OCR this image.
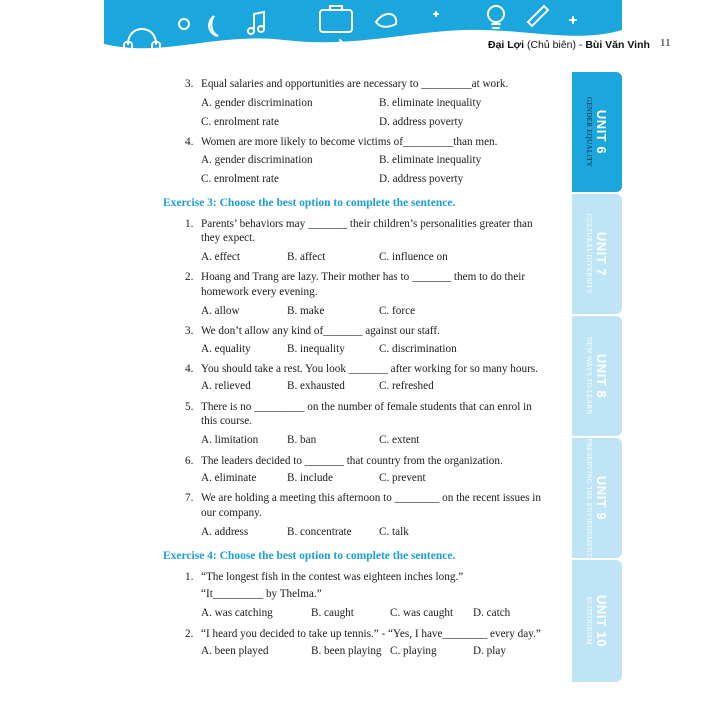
Đại Lợi (Chủ biên) - Bùi Văn Vinh 11
3. Equal salaries and opportunities are necessary to _________at work.
A. gender discrimination	B. eliminate inequality
C. enrolment rate	D. address poverty
4. Women are more likely to become victims of_________than men.
A. gender discrimination	B. eliminate inequality
C. enrolment rate	D. address poverty
Exercise 3: Choose the best option to complete the sentence.
1. Parents’ behaviors may _______ their children’s personalities greater than
they expect.
A. effect	B. affect	C. influence on
2. Hoang and Trang are lazy. Their mother has to _______ them to do their
homework every evening.
A. allow	B. make	C. force
3. We don’t allow any kind of_______ against our staff.
A. equality	B. inequality	C. discrimination
4. You should take a rest. You look _______ after working for so many hours.
A. relieved	B. exhausted	C. refreshed
5. There is no _________ on the number of female students that can enrol in
this course.
A. limitation	B. ban	C. extent
6. The leaders decided to _______ that country from the organization.
A. eliminate	B. include	C. prevent
7. We are holding a meeting this afternoon to ________ on the recent issues in
our company.
A. address	B. concentrate C. talk
Exercise 4: Choose the best option to complete the sentence.
1. “The longest fish in the contest was eighteen inches long.”
“It_________ by Thelma.”
A. was catching	B. caught	C. was caught D. catch
2. “I heard you decided to take up tennis.” - “Yes, I have________ every day.”
A. been played	B. been playing C. playing	D. play
UNIT 6
GENDER EQUALITY
UNIT 7
CULTURAL DIVERSITY
UNIT 8
NEW WAYS TO LEARN
UNIT 9
PRESERVING THE ENVIRONMENT
UNIT 10
ECOTOURISM
